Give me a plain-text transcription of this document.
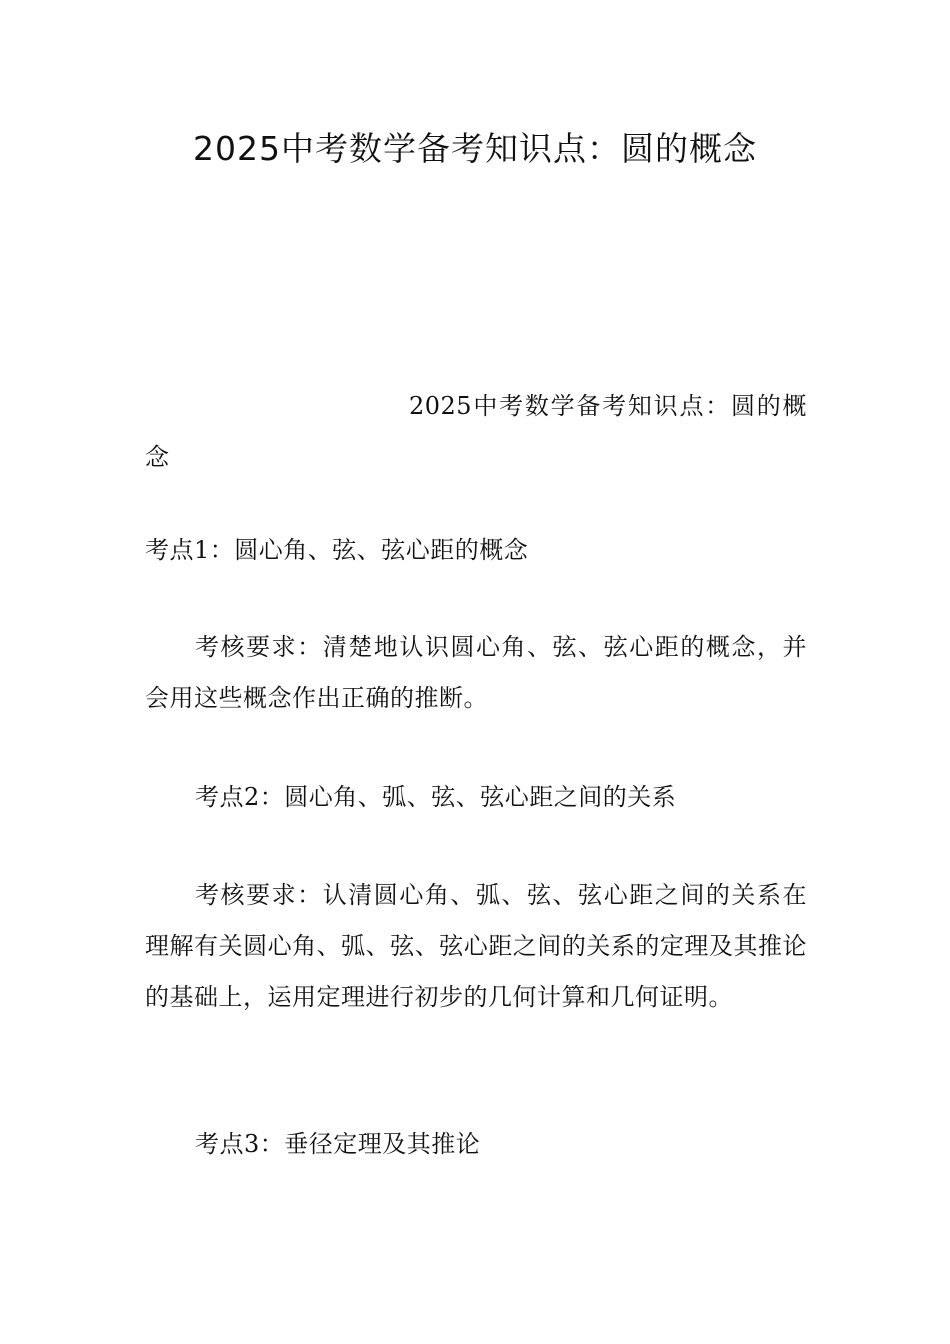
2025中考数学备考知识点：圆的概念

2025中考数学备考知识点：圆的概念

考点1：圆心角、弦、弦心距的概念

考核要求：清楚地认识圆心角、弦、弦心距的概念，并会用这些概念作出正确的推断。

考点2：圆心角、弧、弦、弦心距之间的关系

考核要求：认清圆心角、弧、弦、弦心距之间的关系在理解有关圆心角、弧、弦、弦心距之间的关系的定理及其推论的基础上，运用定理进行初步的几何计算和几何证明。

考点3：垂径定理及其推论
